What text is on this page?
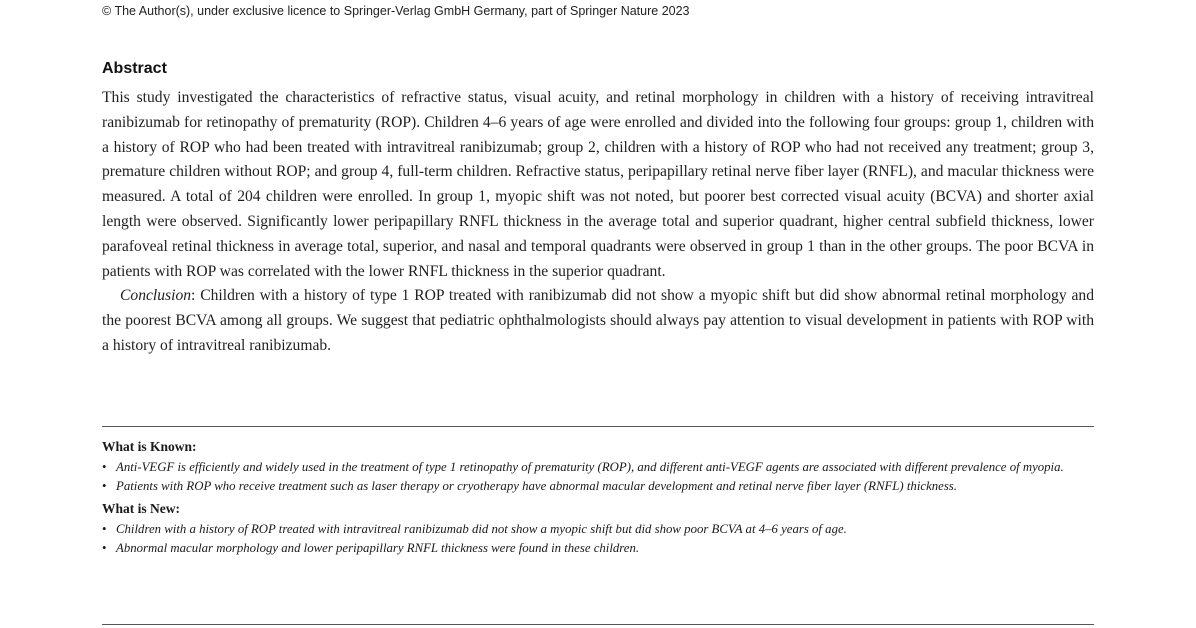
© The Author(s), under exclusive licence to Springer-Verlag GmbH Germany, part of Springer Nature 2023
Abstract

This study investigated the characteristics of refractive status, visual acuity, and retinal morphology in children with a history of receiving intravitreal ranibizumab for retinopathy of prematurity (ROP). Children 4–6 years of age were enrolled and divided into the following four groups: group 1, children with a history of ROP who had been treated with intravitreal ranibizumab; group 2, children with a history of ROP who had not received any treatment; group 3, premature children without ROP; and group 4, full-term children. Refractive status, peripapillary retinal nerve fiber layer (RNFL), and macular thickness were measured. A total of 204 children were enrolled. In group 1, myopic shift was not noted, but poorer best corrected visual acuity (BCVA) and shorter axial length were observed. Significantly lower peripapillary RNFL thickness in the average total and superior quadrant, higher central subfield thickness, lower parafoveal retinal thickness in average total, superior, and nasal and temporal quadrants were observed in group 1 than in the other groups. The poor BCVA in patients with ROP was correlated with the lower RNFL thickness in the superior quadrant.

Conclusion: Children with a history of type 1 ROP treated with ranibizumab did not show a myopic shift but did show abnormal retinal morphology and the poorest BCVA among all groups. We suggest that pediatric ophthalmologists should always pay attention to visual development in patients with ROP with a history of intravitreal ranibizumab.

What is Known:
• Anti-VEGF is efficiently and widely used in the treatment of type 1 retinopathy of prematurity (ROP), and different anti-VEGF agents are associated with different prevalence of myopia.
• Patients with ROP who receive treatment such as laser therapy or cryotherapy have abnormal macular development and retinal nerve fiber layer (RNFL) thickness.
What is New:
• Children with a history of ROP treated with intravitreal ranibizumab did not show a myopic shift but did show poor BCVA at 4–6 years of age.
• Abnormal macular morphology and lower peripapillary RNFL thickness were found in these children.
